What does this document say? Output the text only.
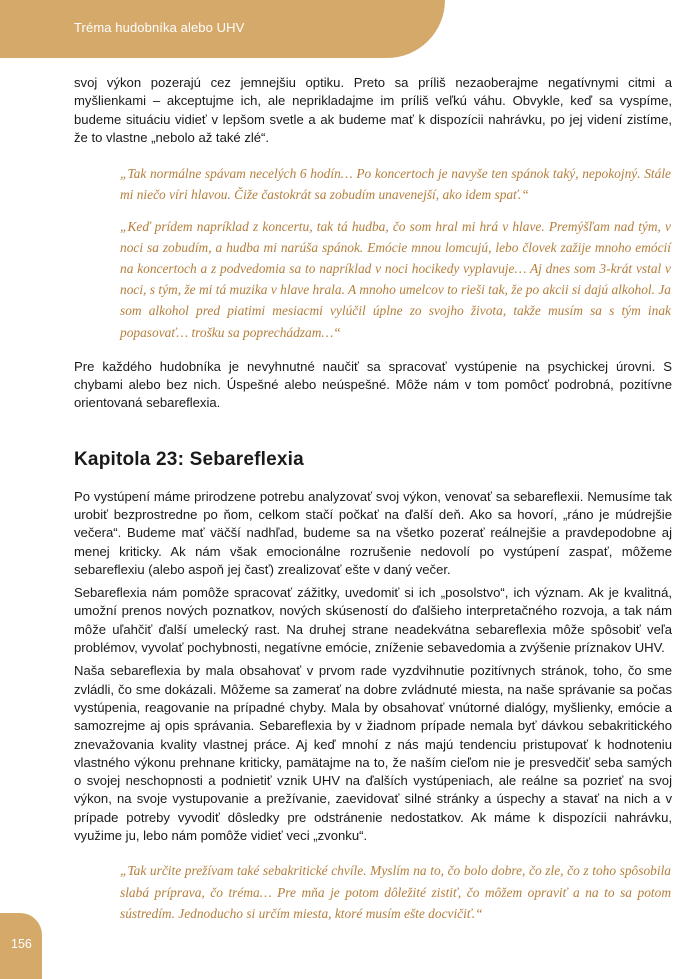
Tréma hudobníka alebo UHV

svoj výkon pozerajú cez jemnejšiu optiku. Preto sa príliš nezaoberajme negatívnymi citmi a myšlienkami – akceptujme ich, ale neprikladajme im príliš veľkú váhu. Obvykle, keď sa vyspíme, budeme situáciu vidieť v lepšom svetle a ak budeme mať k dispozícii nahrávku, po jej videní zistíme, že to vlastne „nebolo až také zlé“.

„Tak normálne spávam necelých 6 hodín… Po koncertoch je navyše ten spánok taký, nepokojný. Stále mi niečo víri hlavou. Čiže častokrát sa zobudím unavenejší, ako idem spať.“

„Keď prídem napríklad z koncertu, tak tá hudba, čo som hral mi hrá v hlave. Premýšľam nad tým, v noci sa zobudím, a hudba mi narúša spánok. Emócie mnou lomcujú, lebo človek zažije mnoho emócií na koncertoch a z podvedomia sa to napríklad v noci hocikedy vyplavuje… Aj dnes som 3-krát vstal v noci, s tým, že mi tá muzika v hlave hrala. A mnoho umelcov to rieši tak, že po akcii si dajú alkohol. Ja som alkohol pred piatimi mesiacmi vylúčil úplne zo svojho života, takže musím sa s tým inak popasovať… trošku sa poprechádzam…“

Pre každého hudobníka je nevyhnutné naučiť sa spracovať vystúpenie na psychickej úrovni. S chybami alebo bez nich. Úspešné alebo neúspešné. Môže nám v tom pomôcť podrobná, pozitívne orientovaná sebareflexia.

Kapitola 23: Sebareflexia

Po vystúpení máme prirodzene potrebu analyzovať svoj výkon, venovať sa sebareflexii. Nemusíme tak urobiť bezprostredne po ňom, celkom stačí počkať na ďalší deň. Ako sa hovorí, „ráno je múdrejšie večera“. Budeme mať väčší nadhľad, budeme sa na všetko pozerať reálnejšie a pravdepodobne aj menej kriticky. Ak nám však emocionálne rozrušenie nedovolí po vystúpení zaspať, môžeme sebareflexiu (alebo aspoň jej časť) zrealizovať ešte v daný večer.

Sebareflexia nám pomôže spracovať zážitky, uvedomiť si ich „posolstvo“, ich význam. Ak je kvalitná, umožní prenos nových poznatkov, nových skúseností do ďalšieho interpretačného rozvoja, a tak nám môže uľahčiť ďalší umelecký rast. Na druhej strane neadekvátna sebareflexia môže spôsobiť veľa problémov, vyvolať pochybnosti, negatívne emócie, zníženie sebavedomia a zvýšenie príznakov UHV.

Naša sebareflexia by mala obsahovať v prvom rade vyzdvihnutie pozitívnych stránok, toho, čo sme zvládli, čo sme dokázali. Môžeme sa zamerať na dobre zvládnuté miesta, na naše správanie sa počas vystúpenia, reagovanie na prípadné chyby. Mala by obsahovať vnútorné dialógy, myšlienky, emócie a samozrejme aj opis správania. Sebareflexia by v žiadnom prípade nemala byť dávkou sebakritického znevažovania kvality vlastnej práce. Aj keď mnohí z nás majú tendenciu pristupovať k hodnoteniu vlastného výkonu prehnane kriticky, pamätajme na to, že naším cieľom nie je presvedčiť seba samých o svojej neschopnosti a podnietiť vznik UHV na ďalších vystúpeniach, ale reálne sa pozrieť na svoj výkon, na svoje vystupovanie a prežívanie, zaevidovať silné stránky a úspechy a stavať na nich a v prípade potreby vyvodiť dôsledky pre odstránenie nedostatkov. Ak máme k dispozícii nahrávku, využime ju, lebo nám pomôže vidieť veci „zvonku“.

„Tak určite prežívam také sebakritické chvíle. Myslím na to, čo bolo dobre, čo zle, čo z toho spôsobila slabá príprava, čo tréma… Pre mňa je potom dôležité zistiť, čo môžem opraviť a na to sa potom sústredím. Jednoducho si určím miesta, ktoré musím ešte docvičiť.“

156
